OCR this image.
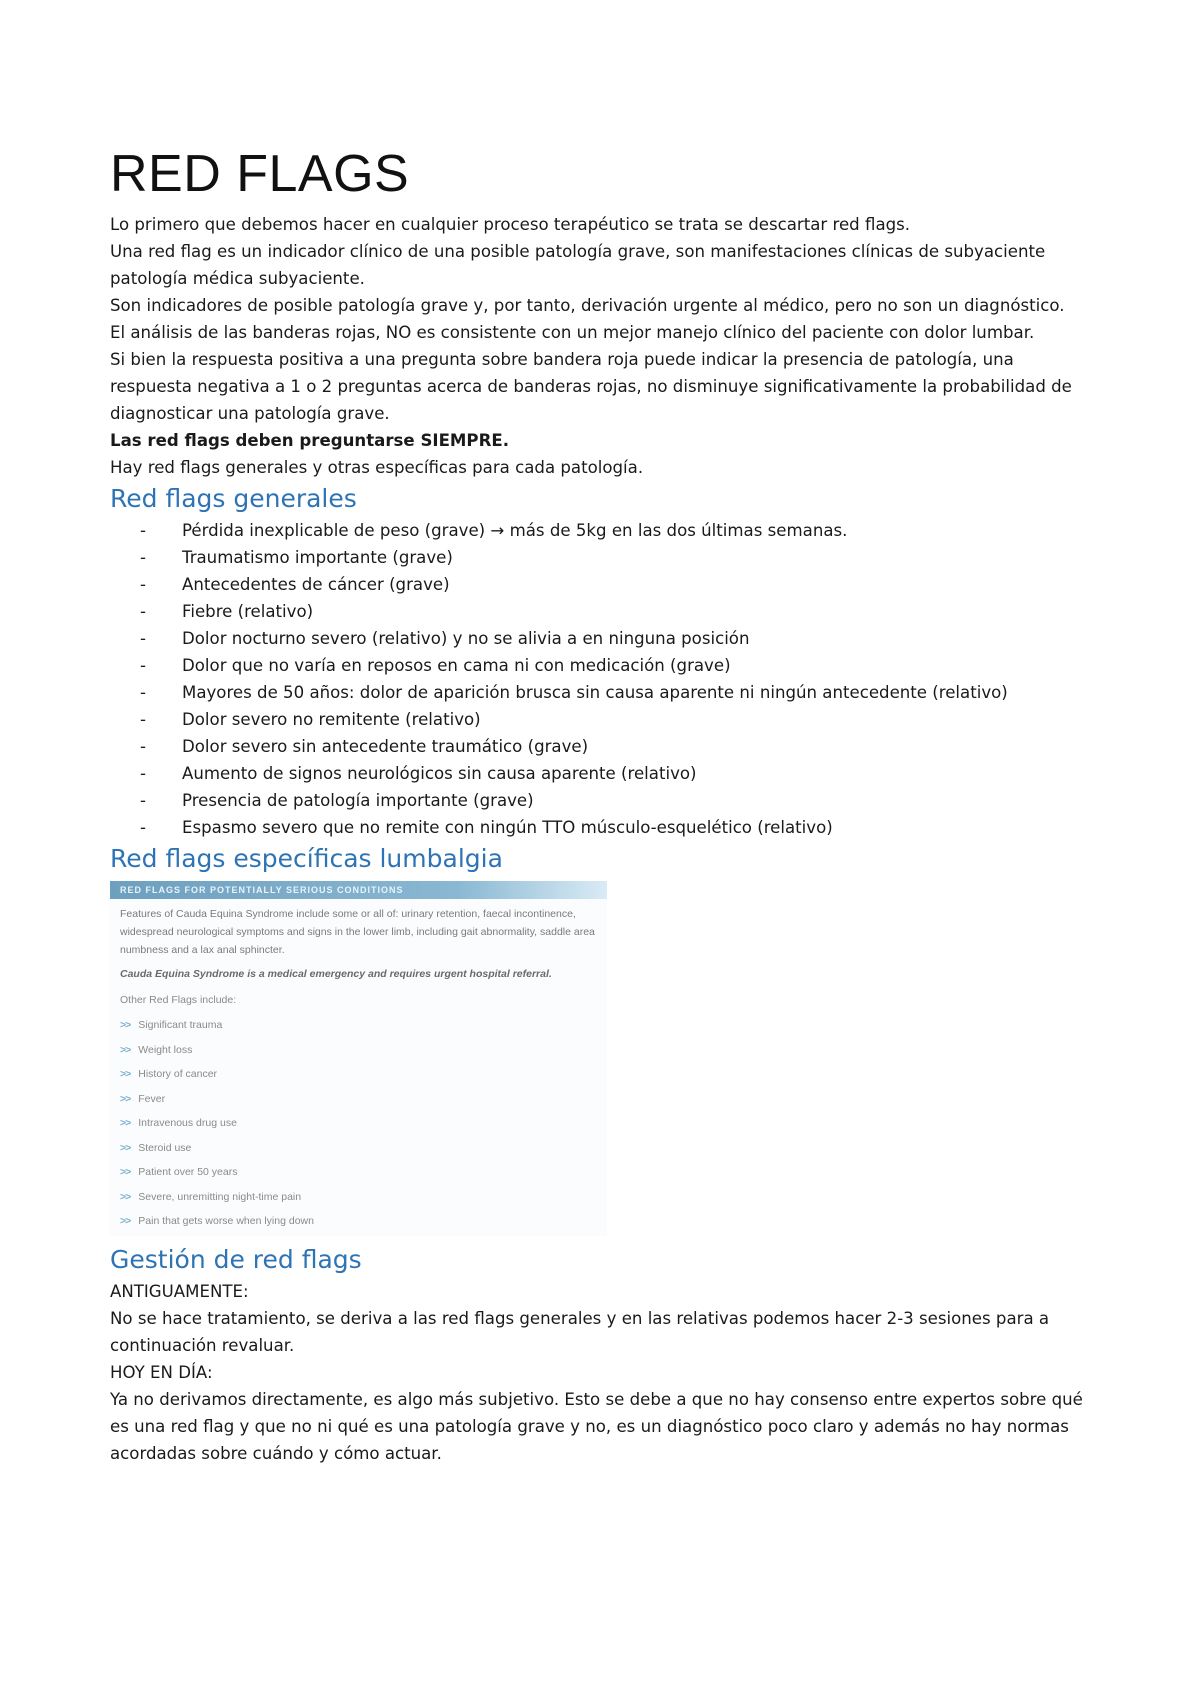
RED FLAGS

Lo primero que debemos hacer en cualquier proceso terapéutico se trata se descartar red flags.

Una red flag es un indicador clínico de una posible patología grave, son manifestaciones clínicas de subyaciente patología médica subyaciente.

Son indicadores de posible patología grave y, por tanto, derivación urgente al médico, pero no son un diagnóstico.

El análisis de las banderas rojas, NO es consistente con un mejor manejo clínico del paciente con dolor lumbar.

Si bien la respuesta positiva a una pregunta sobre bandera roja puede indicar la presencia de patología, una respuesta negativa a 1 o 2 preguntas acerca de banderas rojas, no disminuye significativamente la probabilidad de diagnosticar una patología grave.

Las red flags deben preguntarse SIEMPRE.

Hay red flags generales y otras específicas para cada patología.

Red flags generales
- Pérdida inexplicable de peso (grave) → más de 5kg en las dos últimas semanas.
- Traumatismo importante (grave)
- Antecedentes de cáncer (grave)
- Fiebre (relativo)
- Dolor nocturno severo (relativo) y no se alivia a en ninguna posición
- Dolor que no varía en reposos en cama ni con medicación (grave)
- Mayores de 50 años: dolor de aparición brusca sin causa aparente ni ningún antecedente (relativo)
- Dolor severo no remitente (relativo)
- Dolor severo sin antecedente traumático (grave)
- Aumento de signos neurológicos sin causa aparente (relativo)
- Presencia de patología importante (grave)
- Espasmo severo que no remite con ningún TTO músculo-esquelético (relativo)
Red flags específicas lumbalgia
RED FLAGS FOR POTENTIALLY SERIOUS CONDITIONS

Features of Cauda Equina Syndrome include some or all of: urinary retention, faecal incontinence, widespread neurological symptoms and signs in the lower limb, including gait abnormality, saddle area numbness and a lax anal sphincter.

Cauda Equina Syndrome is a medical emergency and requires urgent hospital referral.

Other Red Flags include:

>> Significant trauma
>> Weight loss
>> History of cancer
>> Fever
>> Intravenous drug use
>> Steroid use
>> Patient over 50 years
>> Severe, unremitting night-time pain
>> Pain that gets worse when lying down
Gestión de red flags

ANTIGUAMENTE:

No se hace tratamiento, se deriva a las red flags generales y en las relativas podemos hacer 2-3 sesiones para a continuación revaluar.

HOY EN DÍA:

Ya no derivamos directamente, es algo más subjetivo. Esto se debe a que no hay consenso entre expertos sobre qué es una red flag y que no ni qué es una patología grave y no, es un diagnóstico poco claro y además no hay normas acordadas sobre cuándo y cómo actuar.
